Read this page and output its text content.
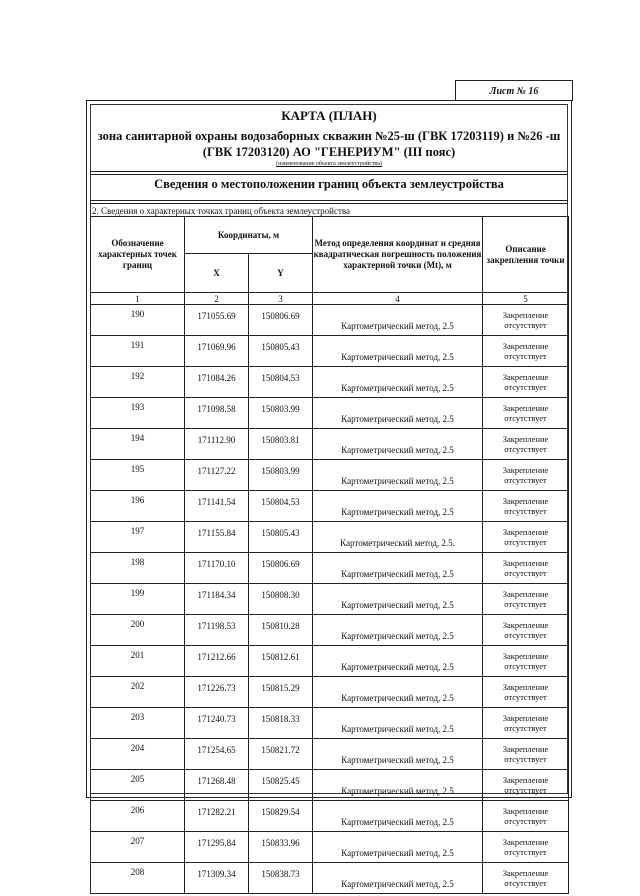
Лист № 16
КАРТА (ПЛАН)
зона санитарной охраны водозаборных скважин №25-ш (ГВК 17203119) и №26 -ш (ГВК 17203120) АО "ГЕНЕРИУМ" (III пояс)
(наименование объекта землеустройства)
Сведения о местоположении границ объекта землеустройства
2. Сведения о характерных точках границ объекта землеустройства
Обозначение характерных точек границ	Координаты, м		Метод определения координат и средняя квадратическая погрешность положения характерной точки (Мt), м	Описание закрепления точки
	X	Y		
1	2	3	4	5
190	171055.69	150806.69	Картометрический метод, 2.5	Закрепление
отсутствует

191	171069.96	150805.43	Картометрический метод, 2.5	Закрепление
отсутствует

192	171084.26	150804.53	Картометрический метод, 2.5	Закрепление
отсутствует

193	171098.58	150803.99	Картометрический метод, 2.5	Закрепление
отсутствует

194	171112.90	150803.81	Картометрический метод, 2.5	Закрепление
отсутствует

195	171127.22	150803.99	Картометрический метод, 2.5	Закрепление
отсутствует

196	171141.54	150804.53	Картометрический метод, 2.5	Закрепление
отсутствует

197	171155.84	150805.43	Картометрический метод, 2.5.	Закрепление
отсутствует

198	171170.10	150806.69	Картометрический метод, 2.5	Закрепление
отсутствует

199	171184.34	150808.30	Картометрический метод, 2.5	Закрепление
отсутствует

200	171198.53	150810.28	Картометрический метод, 2.5	Закрепление
отсутствует

201	171212.66	150812.61	Картометрический метод, 2.5	Закрепление
отсутствует

202	171226.73	150815.29	Картометрический метод, 2.5	Закрепление
отсутствует

203	171240.73	150818.33	Картометрический метод, 2.5	Закрепление
отсутствует

204	171254.65	150821.72	Картометрический метод, 2.5	Закрепление
отсутствует

205	171268.48	150825.45	Картометрический метод, 2.5	Закрепление
отсутствует

206	171282.21	150829.54	Картометрический метод, 2.5	Закрепление
отсутствует

207	171295.84	150833.96	Картометрический метод, 2.5	Закрепление
отсутствует

208	171309.34	150838.73	Картометрический метод, 2.5	Закрепление
отсутствует
